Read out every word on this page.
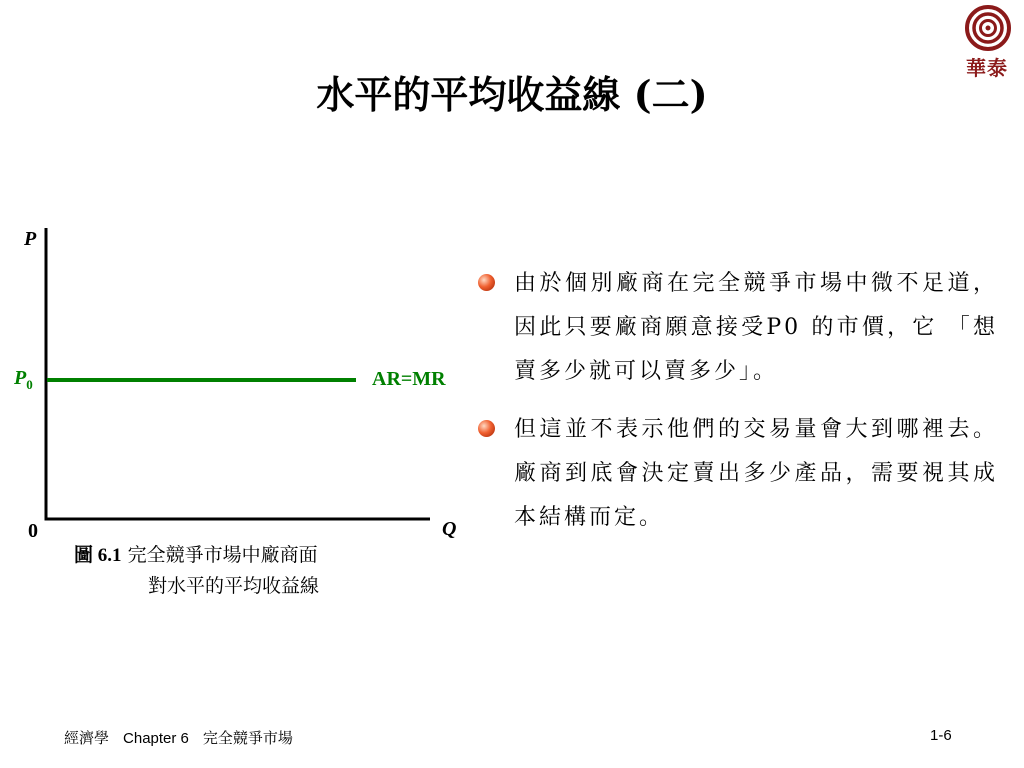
華泰
水平的平均收益線 (二)
P
Q
0
$P_0$	AR=MR
圖 6.1 完全競爭市場中廠商面
對水平的平均收益線
由於個別廠商在完全競爭市場中微不足道，因此只要廠商願意接受P0 的市價，它 「想賣多少就可以賣多少」。
但這並不表示他們的交易量會大到哪裡去。廠商到底會決定賣出多少產品，需要視其成本結構而定。
經濟學 Chapter 6 完全競爭市場	1-6
